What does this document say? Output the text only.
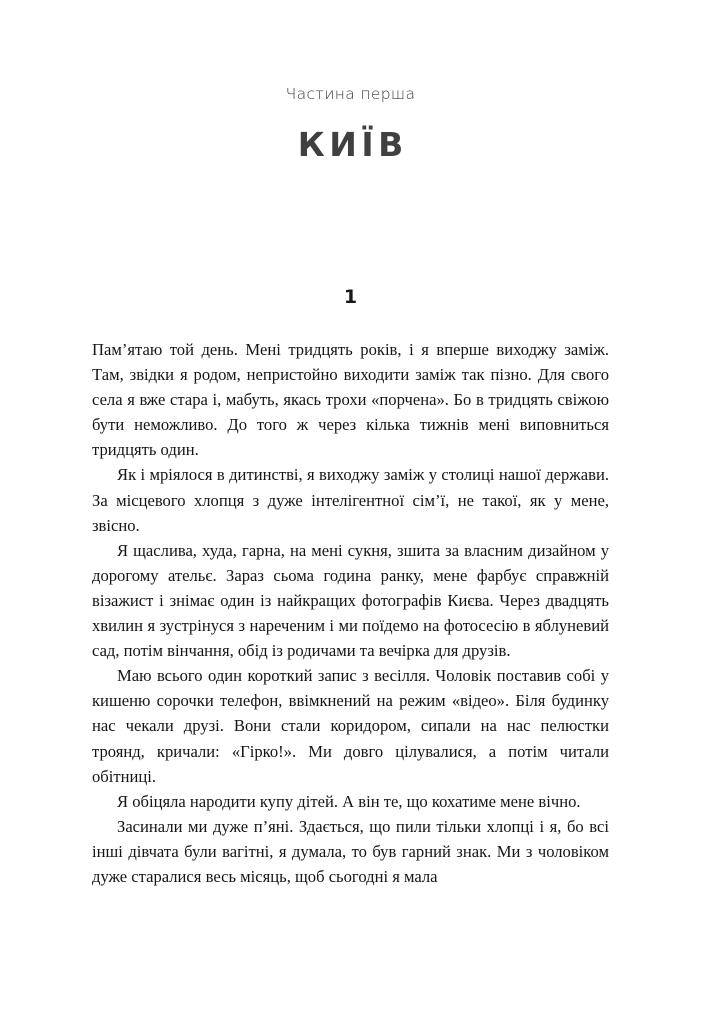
Частина перша
КИЇВ
1

Пам’ятаю той день. Мені тридцять років, і я вперше виходжу заміж. Там, звідки я родом, непристойно виходити заміж так пізно. Для свого села я вже стара і, мабуть, якась трохи «порчена». Бо в тридцять свіжою бути неможливо. До того ж через кілька тижнів мені виповниться тридцять один.

Як і мріялося в дитинстві, я виходжу заміж у столиці нашої держави. За місцевого хлопця з дуже інтелігентної сім’ї, не такої, як у мене, звісно.

Я щаслива, худа, гарна, на мені сукня, зшита за власним дизайном у дорогому ательє. Зараз сьома година ранку, мене фарбує справжній візажист і знімає один із найкращих фотографів Києва. Через двадцять хвилин я зустрінуся з нареченим і ми поїдемо на фотосесію в яблуневий сад, потім вінчання, обід із родичами та вечірка для друзів.

Маю всього один короткий запис з весілля. Чоловік поставив собі у кишеню сорочки телефон, ввімкнений на режим «відео». Біля будинку нас чекали друзі. Вони стали коридором, сипали на нас пелюстки троянд, кричали: «Гірко!». Ми довго цілувалися, а потім читали обітниці.

Я обіцяла народити купу дітей. А він те, що кохатиме мене вічно.

Засинали ми дуже п’яні. Здається, що пили тільки хлопці і я, бо всі інші дівчата були вагітні, я думала, то був гарний знак. Ми з чоловіком дуже старалися весь місяць, щоб сьогодні я мала
